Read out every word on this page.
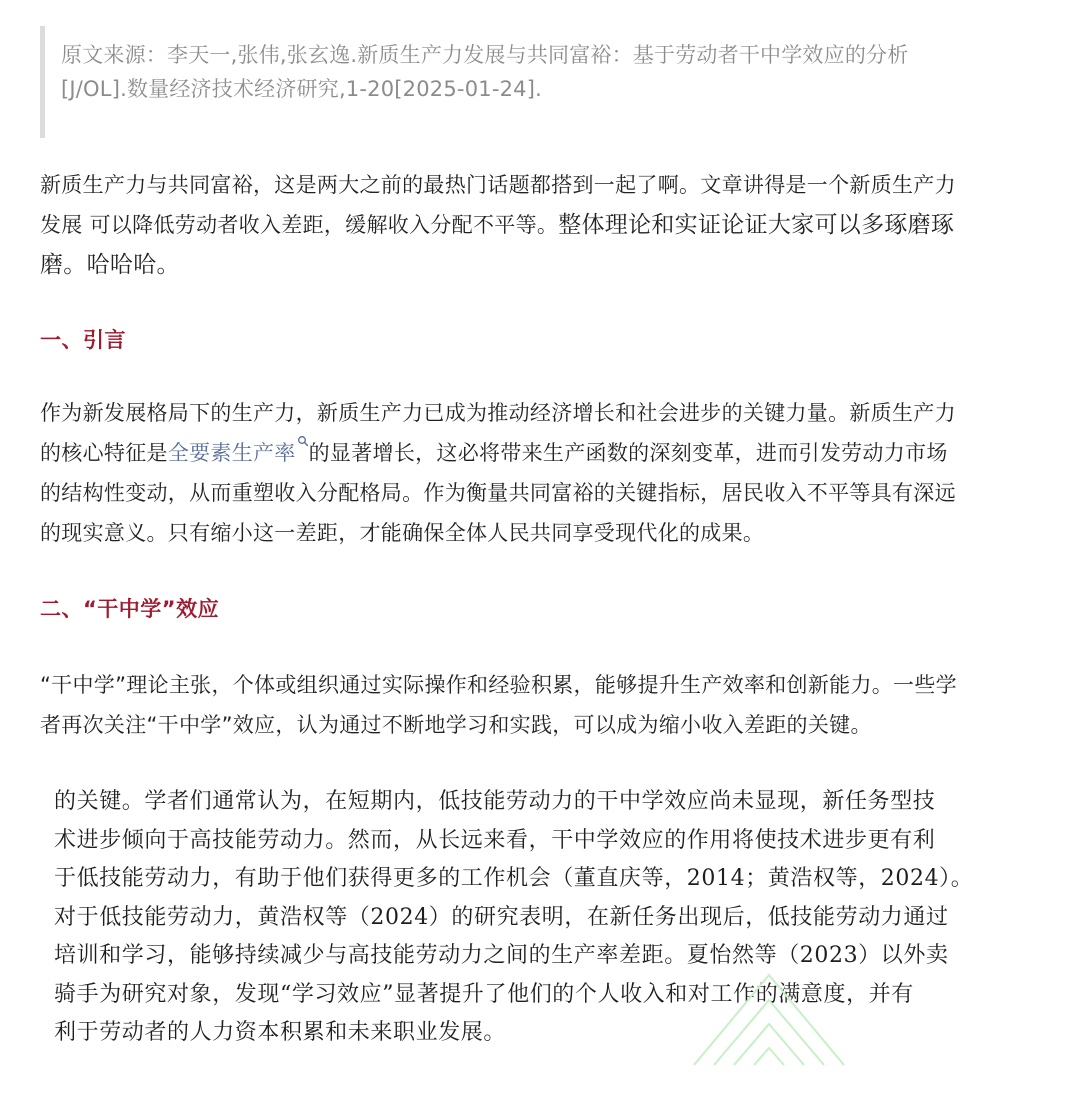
原文来源：李天一,张伟,张玄逸.新质生产力发展与共同富裕：基于劳动者干中学效应的分析
[J/OL].数量经济技术经济研究,1-20[2025-01-24].
新质生产力与共同富裕，这是两大之前的最热门话题都搭到一起了啊。文章讲得是一个新质生产力
发展 可以降低劳动者收入差距，缓解收入分配不平等。整体理论和实证论证大家可以多琢磨琢
磨。哈哈哈。
一、引言
作为新发展格局下的生产力，新质生产力已成为推动经济增长和社会进步的关键力量。新质生产力
的核心特征是全要素生产率 的显著增长，这必将带来生产函数的深刻变革，进而引发劳动力市场
的结构性变动，从而重塑收入分配格局。作为衡量共同富裕的关键指标，居民收入不平等具有深远
的现实意义。只有缩小这一差距，才能确保全体人民共同享受现代化的成果。
二、“干中学”效应
“干中学”理论主张，个体或组织通过实际操作和经验积累，能够提升生产效率和创新能力。一些学
者再次关注“干中学”效应，认为通过不断地学习和实践，可以成为缩小收入差距的关键。
的关键。学者们通常认为，在短期内，低技能劳动力的干中学效应尚未显现，新任务型技
术进步倾向于高技能劳动力。然而，从长远来看，干中学效应的作用将使技术进步更有利
于低技能劳动力，有助于他们获得更多的工作机会（董直庆等，2014；黄浩权等，2024）。
对于低技能劳动力，黄浩权等（2024）的研究表明，在新任务出现后，低技能劳动力通过
培训和学习，能够持续减少与高技能劳动力之间的生产率差距。夏怡然等（2023）以外卖
骑手为研究对象，发现“学习效应”显著提升了他们的个人收入和对工作的满意度，并有
利于劳动者的人力资本积累和未来职业发展。
